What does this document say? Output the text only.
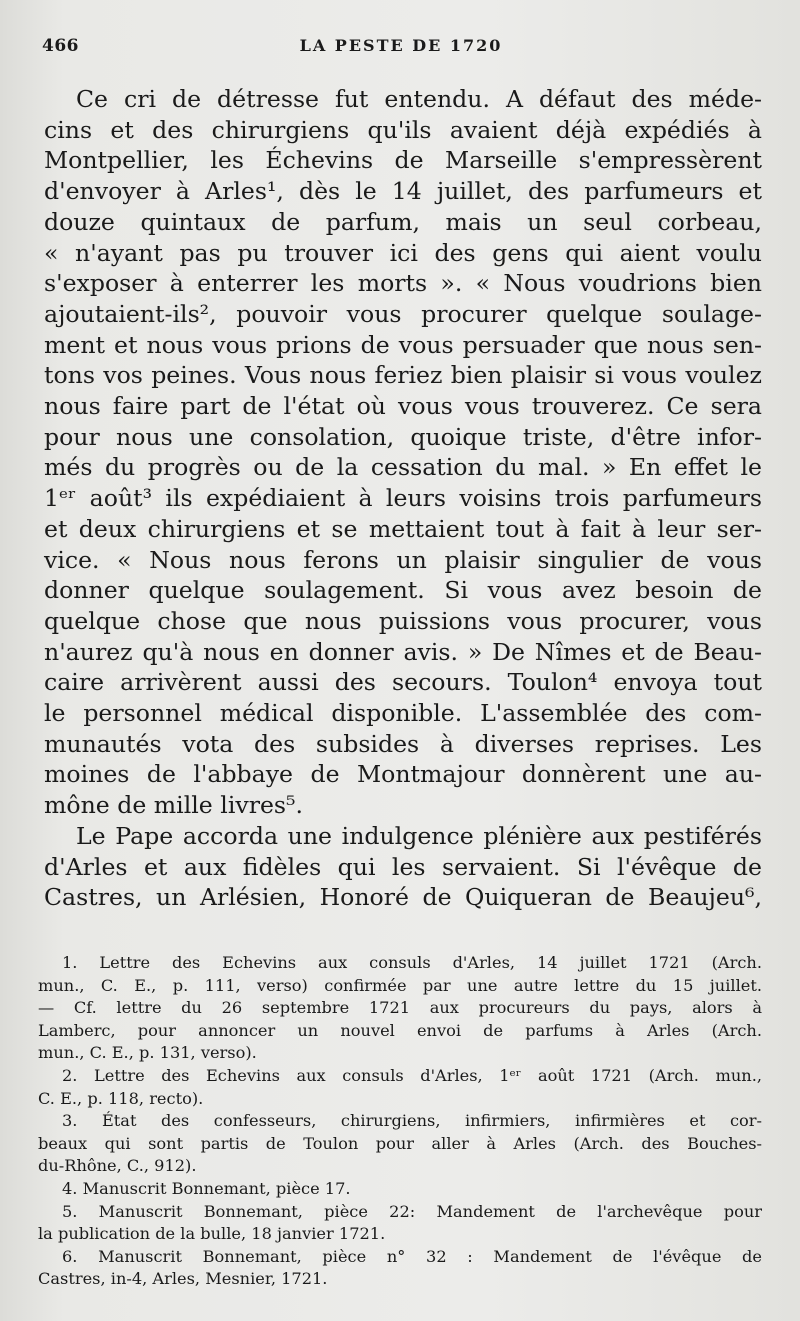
466	LA PESTE DE 1720
Ce cri de détresse fut entendu. A défaut des méde-
cins et des chirurgiens qu'ils avaient déjà expédiés à
Montpellier, les Échevins de Marseille s'empressèrent
d'envoyer à Arles¹, dès le 14 juillet, des parfumeurs et
douze quintaux de parfum, mais un seul corbeau,
« n'ayant pas pu trouver ici des gens qui aient voulu
s'exposer à enterrer les morts ». « Nous voudrions bien
ajoutaient-ils², pouvoir vous procurer quelque soulage-
ment et nous vous prions de vous persuader que nous sen-
tons vos peines. Vous nous feriez bien plaisir si vous voulez
nous faire part de l'état où vous vous trouverez. Ce sera
pour nous une consolation, quoique triste, d'être infor-
més du progrès ou de la cessation du mal. » En effet le
1ᵉʳ août³ ils expédiaient à leurs voisins trois parfumeurs
et deux chirurgiens et se mettaient tout à fait à leur ser-
vice. « Nous nous ferons un plaisir singulier de vous
donner quelque soulagement. Si vous avez besoin de
quelque chose que nous puissions vous procurer, vous
n'aurez qu'à nous en donner avis. » De Nîmes et de Beau-
caire arrivèrent aussi des secours. Toulon⁴ envoya tout
le personnel médical disponible. L'assemblée des com-
munautés vota des subsides à diverses reprises. Les
moines de l'abbaye de Montmajour donnèrent une au-
mône de mille livres⁵.
Le Pape accorda une indulgence plénière aux pestiférés
d'Arles et aux fidèles qui les servaient. Si l'évêque de
Castres, un Arlésien, Honoré de Quiqueran de Beaujeu⁶,
1. Lettre des Echevins aux consuls d'Arles, 14 juillet 1721 (Arch.
mun., C. E., p. 111, verso) confirmée par une autre lettre du 15 juillet.
— Cf. lettre du 26 septembre 1721 aux procureurs du pays, alors à
Lamberc, pour annoncer un nouvel envoi de parfums à Arles (Arch.
mun., C. E., p. 131, verso).
2. Lettre des Echevins aux consuls d'Arles, 1ᵉʳ août 1721 (Arch. mun.,
C. E., p. 118, recto).
3. État des confesseurs, chirurgiens, infirmiers, infirmières et cor-
beaux qui sont partis de Toulon pour aller à Arles (Arch. des Bouches-
du-Rhône, C., 912).
4. Manuscrit Bonnemant, pièce 17.
5. Manuscrit Bonnemant, pièce 22: Mandement de l'archevêque pour
la publication de la bulle, 18 janvier 1721.
6. Manuscrit Bonnemant, pièce n° 32 : Mandement de l'évêque de
Castres, in-4, Arles, Mesnier, 1721.
